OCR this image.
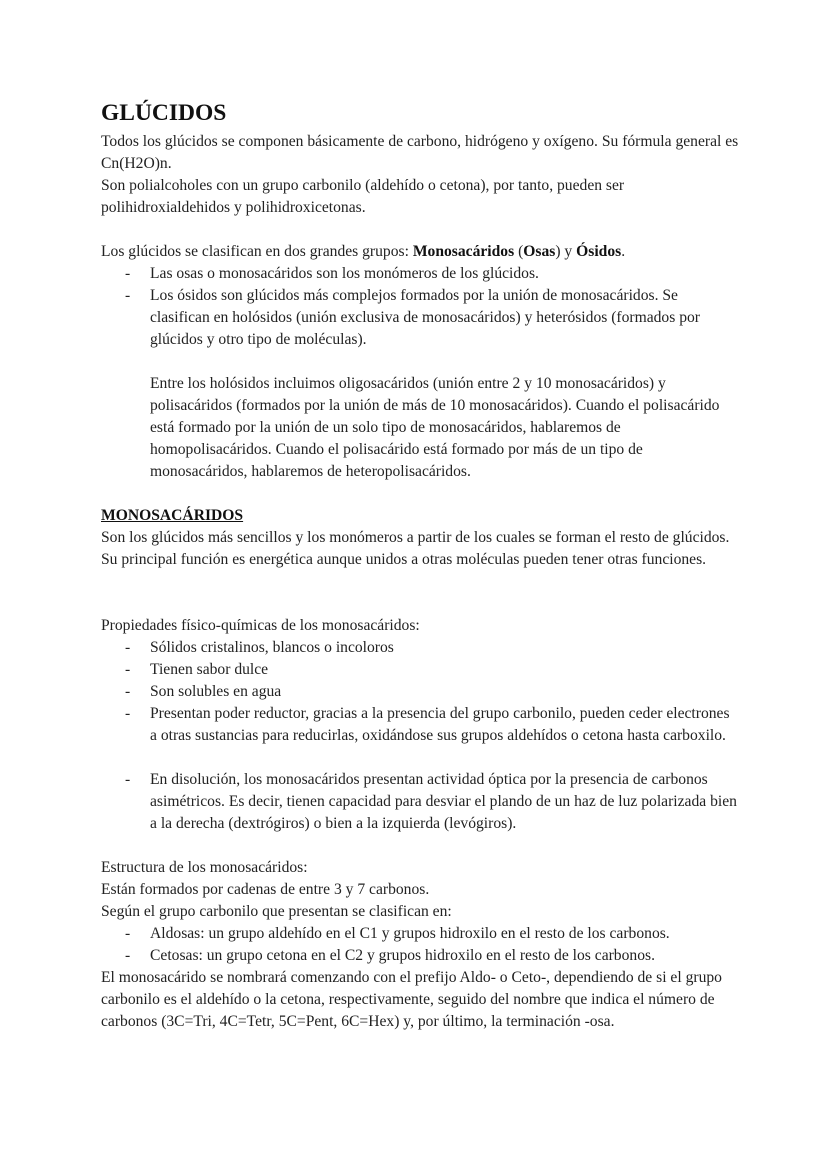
GLÚCIDOS

Todos los glúcidos se componen básicamente de carbono, hidrógeno y oxígeno. Su fórmula general es Cn(H2O)n.

Son polialcoholes con un grupo carbonilo (aldehído o cetona), por tanto, pueden ser polihidroxialdehidos y polihidroxicetonas.

Los glúcidos se clasifican en dos grandes grupos: Monosacáridos (Osas) y Ósidos.

- Las osas o monosacáridos son los monómeros de los glúcidos.
- Los ósidos son glúcidos más complejos formados por la unión de monosacáridos. Se clasifican en holósidos (unión exclusiva de monosacáridos) y heterósidos (formados por glúcidos y otro tipo de moléculas).
Entre los holósidos incluimos oligosacáridos (unión entre 2 y 10 monosacáridos) y polisacáridos (formados por la unión de más de 10 monosacáridos). Cuando el polisacárido está formado por la unión de un solo tipo de monosacáridos, hablaremos de homopolisacáridos. Cuando el polisacárido está formado por más de un tipo de monosacáridos, hablaremos de heteropolisacáridos.

MONOSACÁRIDOS

Son los glúcidos más sencillos y los monómeros a partir de los cuales se forman el resto de glúcidos. Su principal función es energética aunque unidos a otras moléculas pueden tener otras funciones.

Propiedades físico-químicas de los monosacáridos:

- Sólidos cristalinos, blancos o incoloros
- Tienen sabor dulce
- Son solubles en agua
- Presentan poder reductor, gracias a la presencia del grupo carbonilo, pueden ceder electrones a otras sustancias para reducirlas, oxidándose sus grupos aldehídos o cetona hasta carboxilo.
- En disolución, los monosacáridos presentan actividad óptica por la presencia de carbonos asimétricos. Es decir, tienen capacidad para desviar el plando de un haz de luz polarizada bien a la derecha (dextrógiros) o bien a la izquierda (levógiros).

Estructura de los monosacáridos:

Están formados por cadenas de entre 3 y 7 carbonos.

Según el grupo carbonilo que presentan se clasifican en:

- Aldosas: un grupo aldehído en el C1 y grupos hidroxilo en el resto de los carbonos.
- Cetosas: un grupo cetona en el C2 y grupos hidroxilo en el resto de los carbonos.

El monosacárido se nombrará comenzando con el prefijo Aldo- o Ceto-, dependiendo de si el grupo carbonilo es el aldehído o la cetona, respectivamente, seguido del nombre que indica el número de carbonos (3C=Tri, 4C=Tetr, 5C=Pent, 6C=Hex) y, por último, la terminación -osa.
